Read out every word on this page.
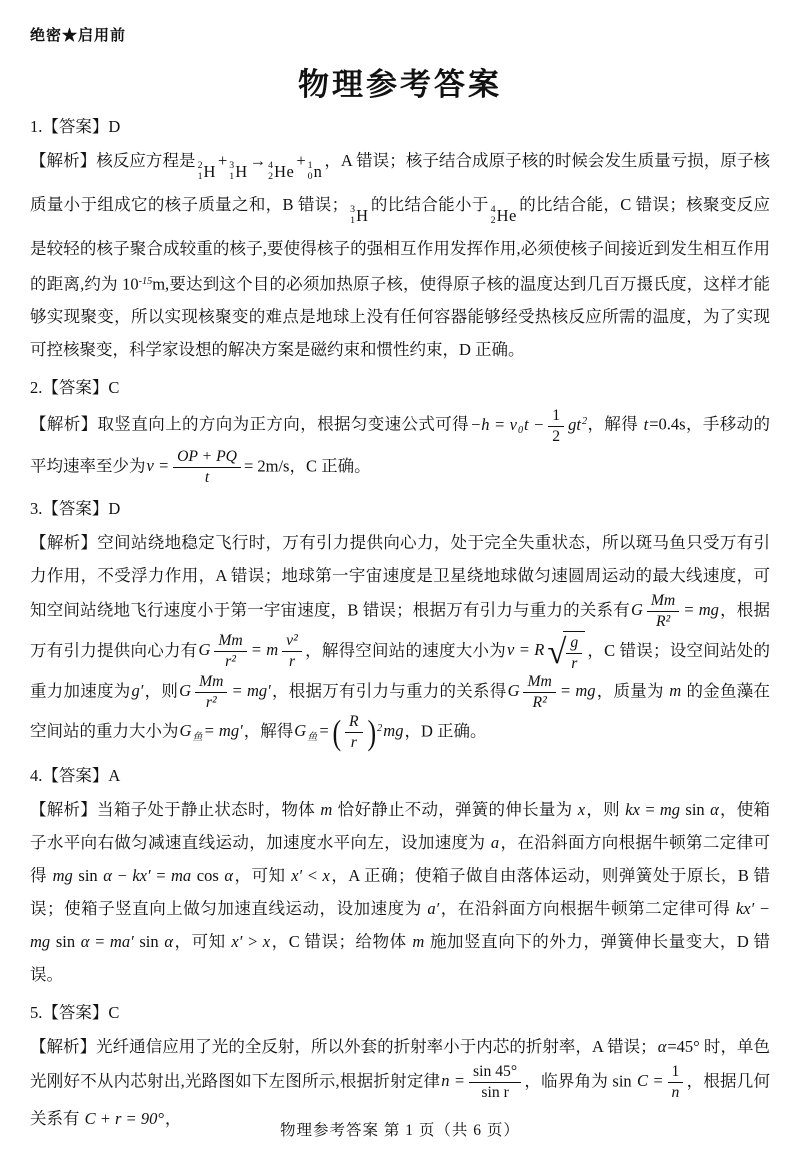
绝密★启用前
物理参考答案

1.【答案】D

【解析】核反应方程是 2
1 H
+ 3
1 H
→ 4
2 He
+ 1
0 n
，A 错误；核子结合成原子核的时候会发生质量亏损，原子核质量小于组成它的核子质量之和，B 错误； 3
1 H
的比结合能小于 4
2 He
的比结合能，C 错误；核聚变反应是较轻的核子聚合成较重的核子,要使得核子的强相互作用发挥作用,必须使核子间接近到发生相互作用的距离,约为 $10^{-15}m$,要达到这个目的必须加热原子核，使得原子核的温度达到几百万摄氏度，这样才能够实现聚变，所以实现核聚变的难点是地球上没有任何容器能够经受热核反应所需的温度，为了实现可控核聚变，科学家设想的解决方案是磁约束和惯性约束，D 正确。

2.【答案】C

【解析】取竖直向上的方向为正方向，根据匀变速公式可得$-h = v_0t - \frac{1}{2} gt^2$，解得 t=0.4s，手移动的平均速率至少为$v = \frac{OP + PQ}{t} = 2m/s$，C 正确。

3.【答案】D

【解析】空间站绕地稳定飞行时，万有引力提供向心力，处于完全失重状态，所以斑马鱼只受万有引力作用，不受浮力作用，A 错误；地球第一宇宙速度是卫星绕地球做匀速圆周运动的最大线速度，可知空间站绕地飞行速度小于第一宇宙速度，B 错误；根据万有引力与重力的关系有G $\frac{Mm}{\text{R²}}$ = mg，根据万有引力提供向心力有G $\frac{Mm}{\text{r²}} = m \frac{\text{v²}}{r}$ ，解得空间站的速度大小为v = R √ $\frac{g}{r}$ ，C 错误；设空间站处的重力加速度为g′，则G $\frac{Mm}{\text{r²}} = mg'$，根据万有引力与重力的关系得G $\frac{Mm}{\text{R²}}$ = mg，质量为 m 的金鱼藻在空间站的重力大小为$G_鱼= mg'$，解得$G_鱼=( \frac{R}{r} )^2mg$，D 正确。

4.【答案】A

【解析】当箱子处于静止状态时，物体 m 恰好静止不动，弹簧的伸长量为 x，则 kx = mg sin α，使箱子水平向右做匀减速直线运动，加速度水平向左，设加速度为 a，在沿斜面方向根据牛顿第二定律可得 mg sin α − kx′ = ma cos α，可知 x′ < x，A 正确；使箱子做自由落体运动，则弹簧处于原长，B 错误；使箱子竖直向上做匀加速直线运动，设加速度为 a′，在沿斜面方向根据牛顿第二定律可得 kx′ − mg sin α = ma′ sin α，可知 x′ > x，C 错误；给物体 m 施加竖直向下的外力，弹簧伸长量变大，D 错误。

5.【答案】C

【解析】光纤通信应用了光的全反射，所以外套的折射率小于内芯的折射率，A 错误；α=45° 时，单色光刚好不从内芯射出,光路图如下左图所示,根据折射定律$n = \frac{\sin 45^\circ}{\text{sin r}}$ ，临界角为 $\sin C = \frac{1}{n}$ ，根据几何关系有 C + r = 90°，

物理参考答案 第 1 页（共 6 页）
